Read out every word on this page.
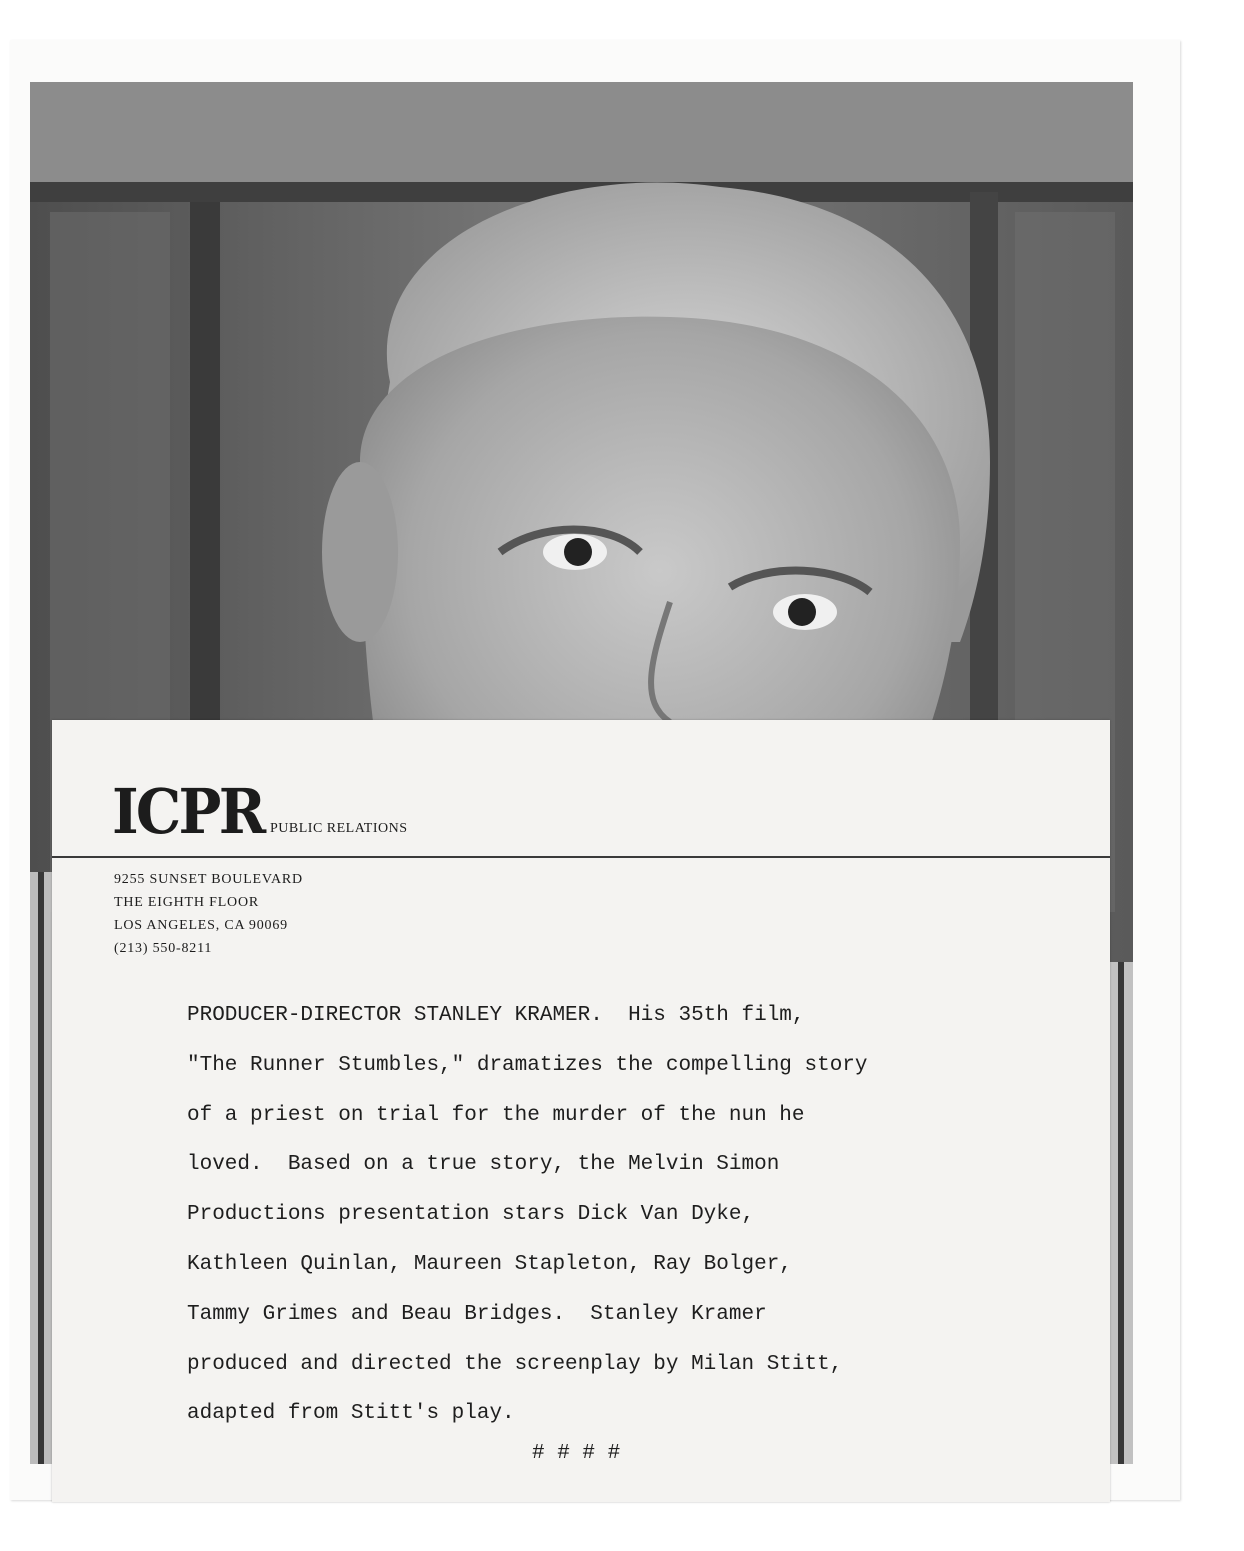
ICPR PUBLIC RELATIONS
9255 SUNSET BOULEVARD
THE EIGHTH FLOOR
LOS ANGELES, CA 90069
(213) 550-8211
PRODUCER-DIRECTOR STANLEY KRAMER.  His 35th film,
"The Runner Stumbles," dramatizes the compelling story
of a priest on trial for the murder of the nun he
loved.  Based on a true story, the Melvin Simon
Productions presentation stars Dick Van Dyke,
Kathleen Quinlan, Maureen Stapleton, Ray Bolger,
Tammy Grimes and Beau Bridges.  Stanley Kramer
produced and directed the screenplay by Milan Stitt,
adapted from Stitt's play.
# # # #
